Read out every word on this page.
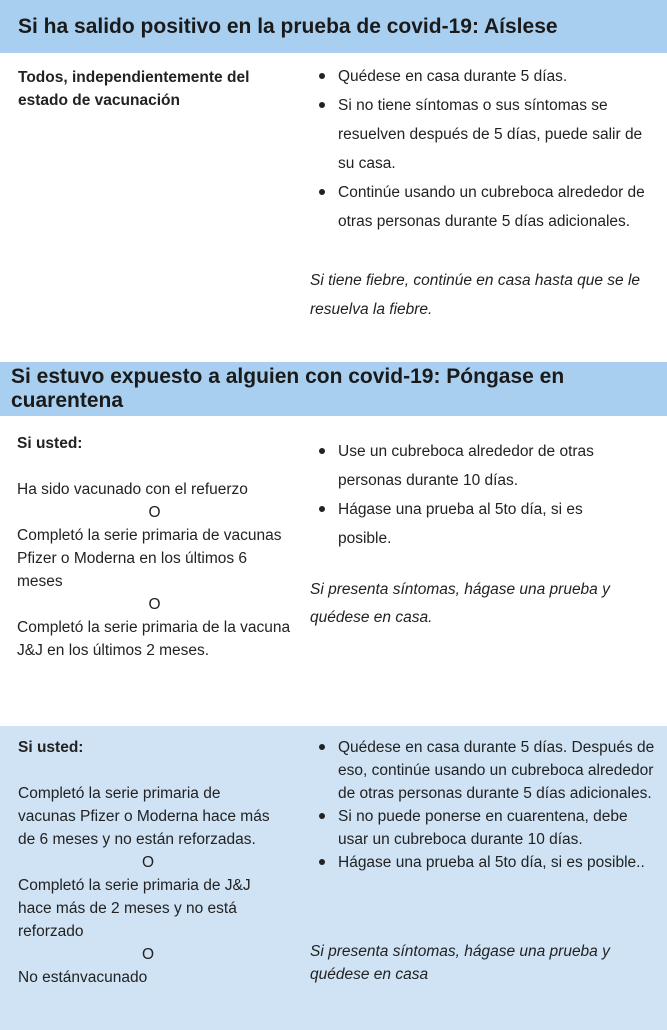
Si ha salido positivo en la prueba de covid-19: Aíslese
Todos, independientemente del estado de vacunación
Quédese en casa durante 5 días.
Si no tiene síntomas o sus síntomas se resuelven después de 5 días, puede salir de su casa.
Continúe usando un cubreboca alrededor de otras personas durante 5 días adicionales.

Si tiene fiebre, continúe en casa hasta que se le resuelva la fiebre.

Si estuvo expuesto a alguien con covid-19: Póngase en cuarentena

Si usted:

Ha sido vacunado con el refuerzo

O

Completó la serie primaria de vacunas Pfizer o Moderna en los últimos 6 meses

O

Completó la serie primaria de la vacuna J&J en los últimos 2 meses.

Use un cubreboca alrededor de otras personas durante 10 días.
Hágase una prueba al 5to día, si es posible.

Si presenta síntomas, hágase una prueba y quédese en casa.

Si usted:

Completó la serie primaria de vacunas Pfizer o Moderna hace más de 6 meses y no están reforzadas.

O

Completó la serie primaria de J&J hace más de 2 meses y no está reforzado

O

No estánvacunado

Quédese en casa durante 5 días. Después de eso, continúe usando un cubreboca alrededor de otras personas durante 5 días adicionales.
Si no puede ponerse en cuarentena, debe usar un cubreboca durante 10 días.
Hágase una prueba al 5to día, si es posible..

Si presenta síntomas, hágase una prueba y quédese en casa
